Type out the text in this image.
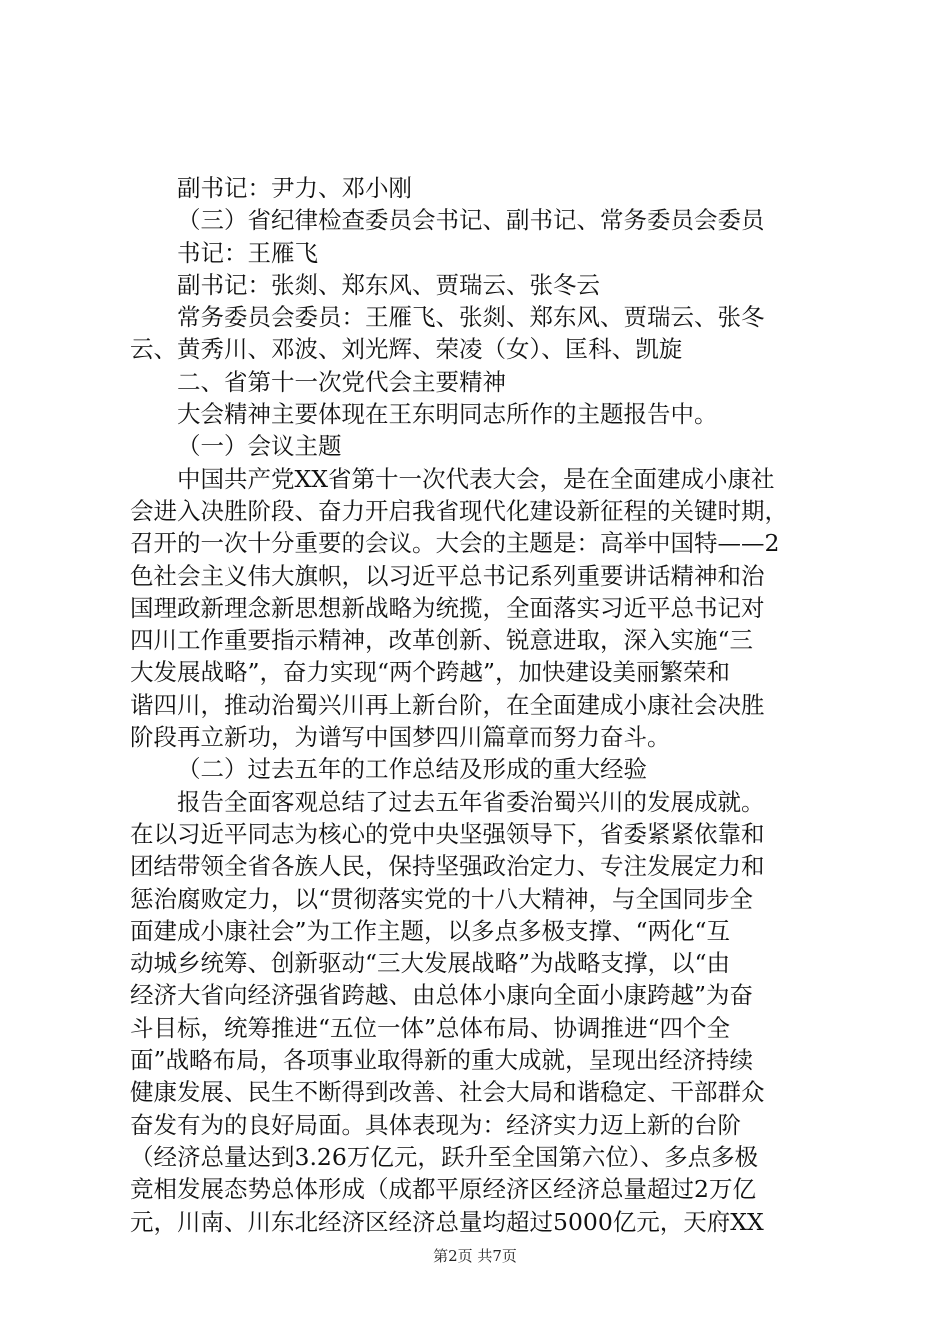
副书记：尹力、邓小刚
（三）省纪律检查委员会书记、副书记、常务委员会委员
书记：王雁飞
副书记：张剡、郑东风、贾瑞云、张冬云
常务委员会委员：王雁飞、张剡、郑东风、贾瑞云、张冬
云、黄秀川、邓波、刘光辉、荣凌（女）、匡科、凯旋
二、省第十一次党代会主要精神
大会精神主要体现在王东明同志所作的主题报告中。
（一）会议主题
中国共产党XX省第十一次代表大会，是在全面建成小康社
会进入决胜阶段、奋力开启我省现代化建设新征程的关键时期，
召开的一次十分重要的会议。大会的主题是：高举中国特——2
色社会主义伟大旗帜，以习近平总书记系列重要讲话精神和治
国理政新理念新思想新战略为统揽，全面落实习近平总书记对
四川工作重要指示精神，改革创新、锐意进取，深入实施“三
大发展战略”，奋力实现“两个跨越”，加快建设美丽繁荣和
谐四川，推动治蜀兴川再上新台阶，在全面建成小康社会决胜
阶段再立新功，为谱写中国梦四川篇章而努力奋斗。
（二）过去五年的工作总结及形成的重大经验
报告全面客观总结了过去五年省委治蜀兴川的发展成就。
在以习近平同志为核心的党中央坚强领导下，省委紧紧依靠和
团结带领全省各族人民，保持坚强政治定力、专注发展定力和
惩治腐败定力，以“贯彻落实党的十八大精神，与全国同步全
面建成小康社会”为工作主题，以多点多极支撑、“两化“互
动城乡统筹、创新驱动“三大发展战略”为战略支撑，以“由
经济大省向经济强省跨越、由总体小康向全面小康跨越”为奋
斗目标，统筹推进“五位一体”总体布局、协调推进“四个全
面”战略布局，各项事业取得新的重大成就，呈现出经济持续
健康发展、民生不断得到改善、社会大局和谐稳定、干部群众
奋发有为的良好局面。具体表现为：经济实力迈上新的台阶
（经济总量达到3.26万亿元，跃升至全国第六位）、多点多极
竞相发展态势总体形成（成都平原经济区经济总量超过2万亿
元，川南、川东北经济区经济总量均超过5000亿元，天府XX
第2页 共7页
